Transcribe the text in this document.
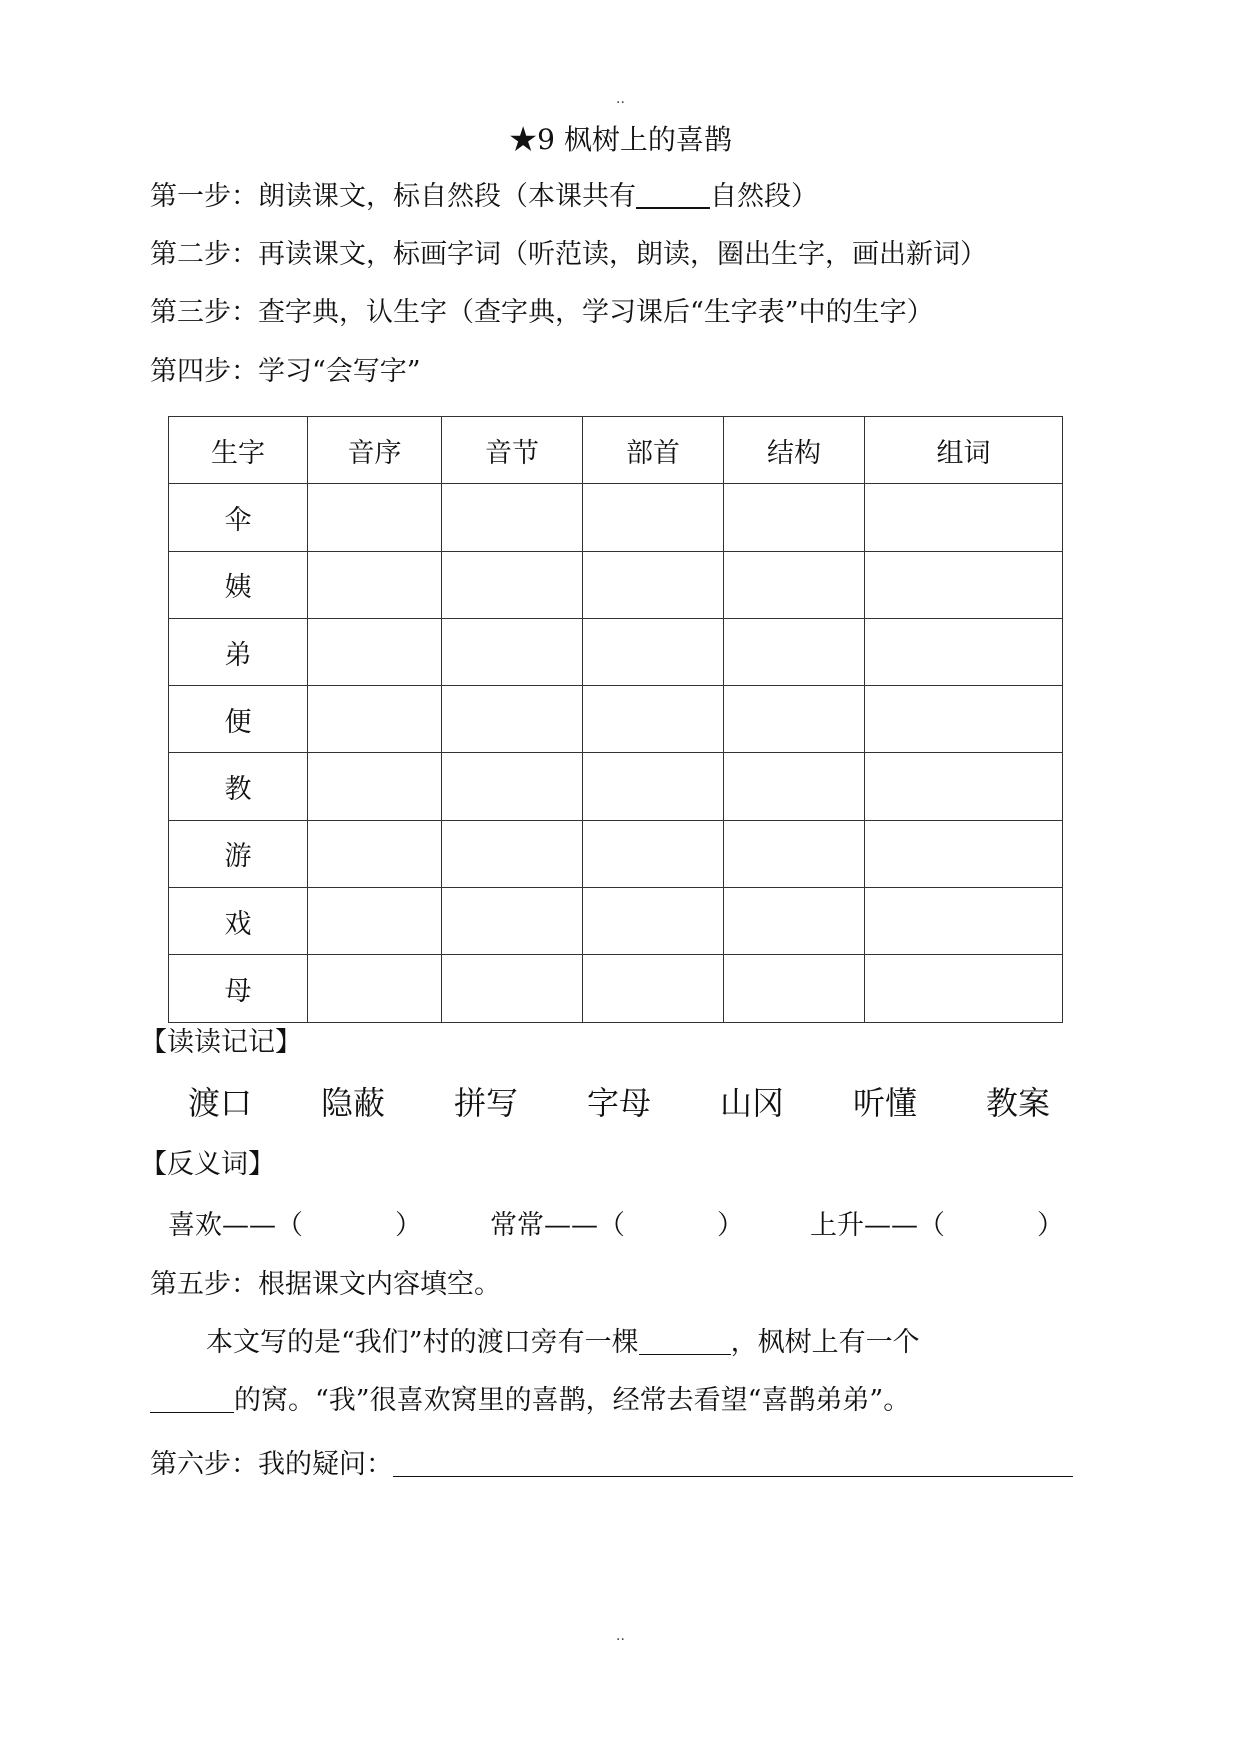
··
★9 枫树上的喜鹊
第一步：朗读课文，标自然段（本课共有	自然段）
第二步：再读课文，标画字词（听范读，朗读，圈出生字，画出新词）
第三步：查字典，认生字（查字典，学习课后“生字表”中的生字）
第四步：学习“会写字”
生字	音序	音节	部首	结构	组词
伞					
姨					
弟					
便					
教					
游					
戏					
母					
【读读记记】
渡口 隐蔽 拼写 字母 山冈 听懂 教案
【反义词】
喜欢——（	）	常常——（	） 上升——（	）
第五步：根据课文内容填空。
本文写的是“我们”村的渡口旁有一棵	，枫树上有一个
的窝。“我”很喜欢窝里的喜鹊，经常去看望“喜鹊弟弟”。
第六步：我的疑问：
··
